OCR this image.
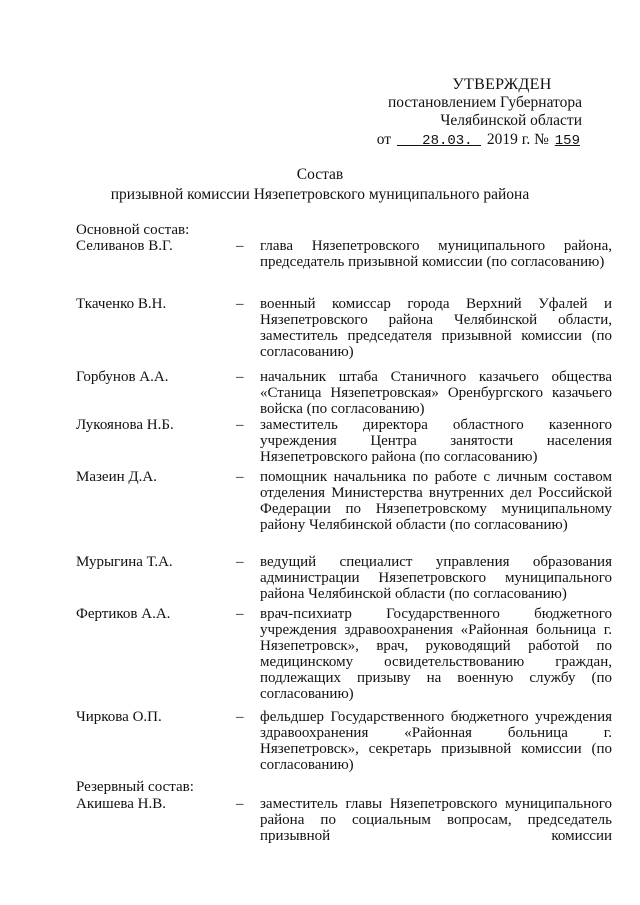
УТВЕРЖДЕН
постановлением Губернатора
Челябинской области
от 28.03. 2019 г. № 159
Состав
призывной комиссии Нязепетровского муниципального района
Основной состав:
Селиванов В.Г.	–	глава Нязепетровского муниципального района, председатель призывной комиссии (по согласованию)
Ткаченко В.Н.	–	военный комиссар города Верхний Уфалей и Нязепетровского района Челябинской области, заместитель председателя призывной комиссии (по согласованию)
Горбунов А.А.	–	начальник штаба Станичного казачьего общества «Станица Нязепетровская» Оренбургского казачьего войска (по согласованию)
Лукоянова Н.Б.	–	заместитель директора областного казенного учреждения Центра занятости населения Нязепетровского района (по согласованию)
Мазеин Д.А.	–	помощник начальника по работе с личным составом отделения Министерства внутренних дел Российской Федерации по Нязепетровскому муниципальному району Челябинской области (по согласованию)
Мурыгина Т.А.	–	ведущий специалист управления образования администрации Нязепетровского муниципального района Челябинской области (по согласованию)
Фертиков А.А.	–	врач-психиатр Государственного бюджетного учреждения здравоохранения «Районная больница г. Нязепетровск», врач, руководящий работой по медицинскому освидетельствованию граждан, подлежащих призыву на военную службу (по согласованию)
Чиркова О.П.	–	фельдшер Государственного бюджетного учреждения здравоохранения «Районная больница г. Нязепетровск», секретарь призывной комиссии (по согласованию)
Резервный состав:
Акишева Н.В.	–	заместитель главы Нязепетровского муниципального района по социальным вопросам, председатель призывной комиссии
